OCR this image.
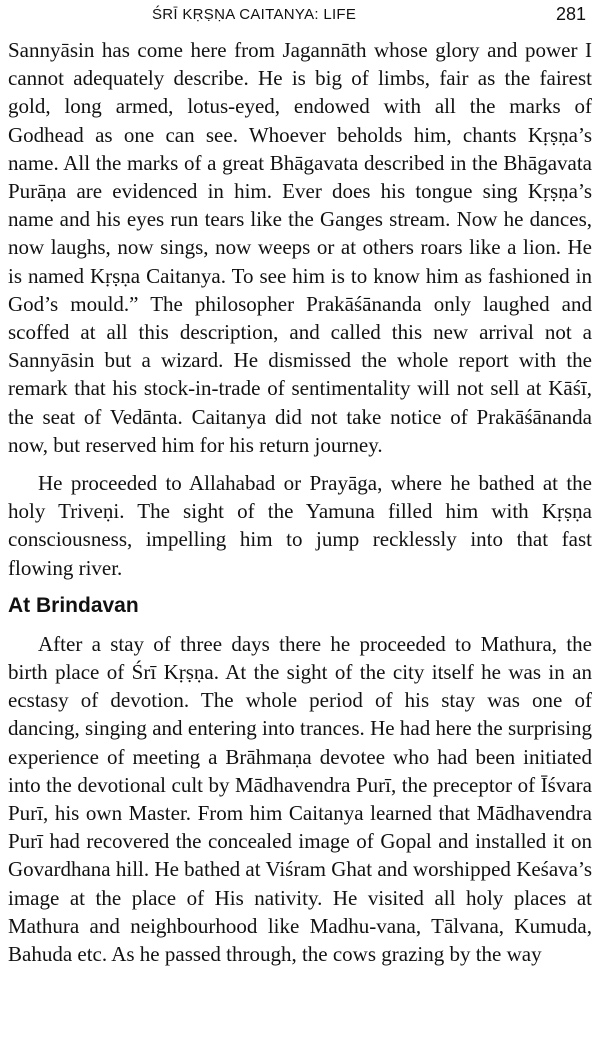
ŚRĪ KṚṢṆA CAITANYA: LIFE	281

Sannyāsin has come here from Jagannāth whose glory and power I cannot adequately describe. He is big of limbs, fair as the fairest gold, long armed, lotus-eyed, endowed with all the marks of Godhead as one can see. Whoever beholds him, chants Kṛṣṇa’s name. All the marks of a great Bhāgavata described in the Bhāgavata Purāṇa are evidenced in him. Ever does his tongue sing Kṛṣṇa’s name and his eyes run tears like the Ganges stream. Now he dances, now laughs, now sings, now weeps or at others roars like a lion. He is named Kṛṣṇa Caitanya. To see him is to know him as fashioned in God’s mould.” The philosopher Prakāśānanda only laughed and scoffed at all this description, and called this new arrival not a Sannyāsin but a wizard. He dismissed the whole report with the remark that his stock-in-trade of sentimentality will not sell at Kāśī, the seat of Vedānta. Caitanya did not take notice of Prakāśānanda now, but reserved him for his return journey.

He proceeded to Allahabad or Prayāga, where he bathed at the holy Triveṇi. The sight of the Yamuna filled him with Kṛṣṇa consciousness, impelling him to jump recklessly into that fast flowing river.

At Brindavan

After a stay of three days there he proceeded to Mathura, the birth place of Śrī Kṛṣṇa. At the sight of the city itself he was in an ecstasy of devotion. The whole period of his stay was one of dancing, singing and entering into trances. He had here the surprising experience of meeting a Brāhmaṇa devotee who had been initiated into the devotional cult by Mādhavendra Purī, the preceptor of Īśvara Purī, his own Master. From him Caitanya learned that Mādhavendra Purī had recovered the concealed image of Gopal and installed it on Govardhana hill. He bathed at Viśram Ghat and worshipped Keśava’s image at the place of His nativity. He visited all holy places at Mathura and neighbourhood like Madhu-vana, Tālvana, Kumuda, Bahuda etc. As he passed through, the cows grazing by the way
